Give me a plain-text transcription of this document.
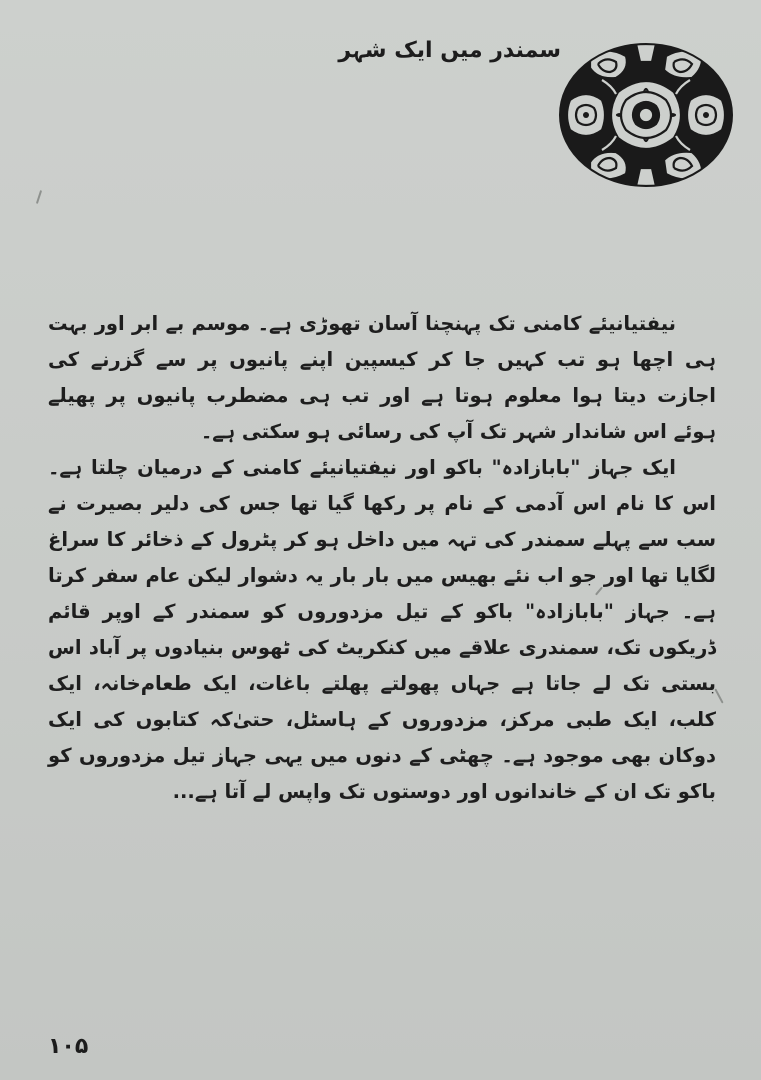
سمندر میں ایک شہر

نیفتیانیئے کامنی تک پہنچنا آسان تھوڑی ہے۔ موسم بے ابر اور بہت ہی اچھا ہو تب کہیں جا کر کیسپین اپنے پانیوں پر سے گزرنے کی اجازت دیتا ہوا معلوم ہوتا ہے اور تب ہی مضطرب پانیوں پر پھیلے ہوئے اس شاندار شہر تک آپ کی رسائی ہو سکتی ہے۔

ایک جہاز "بابازادہ" باکو اور نیفتیانیئے کامنی کے درمیان چلتا ہے۔ اس کا نام اس آدمی کے نام پر رکھا گیا تھا جس کی دلیر بصیرت نے سب سے پہلے سمندر کی تہہ میں داخل ہو کر پٹرول کے ذخائر کا سراغ لگایا تھا اور جو اب نئے بھیس میں بار بار یہ دشوار لیکن عام سفر کرتا ہے۔ جہاز "بابازادہ" باکو کے تیل مزدوروں کو سمندر کے اوپر قائم ڈریکوں تک، سمندری علاقے میں کنکریٹ کی ٹھوس بنیادوں پر آباد اس بستی تک لے جاتا ہے جہاں پھولتے پھلتے باغات، ایک طعام‌خانہ، ایک کلب، ایک طبی مرکز، مزدوروں کے ہاسٹل، حتیٰ‌کہ کتابوں کی ایک دوکان بھی موجود ہے۔ چھٹی کے دنوں میں یہی جہاز تیل مزدوروں کو باکو تک ان کے خاندانوں اور دوستوں تک واپس لے آتا ہے...

۱۰۵
